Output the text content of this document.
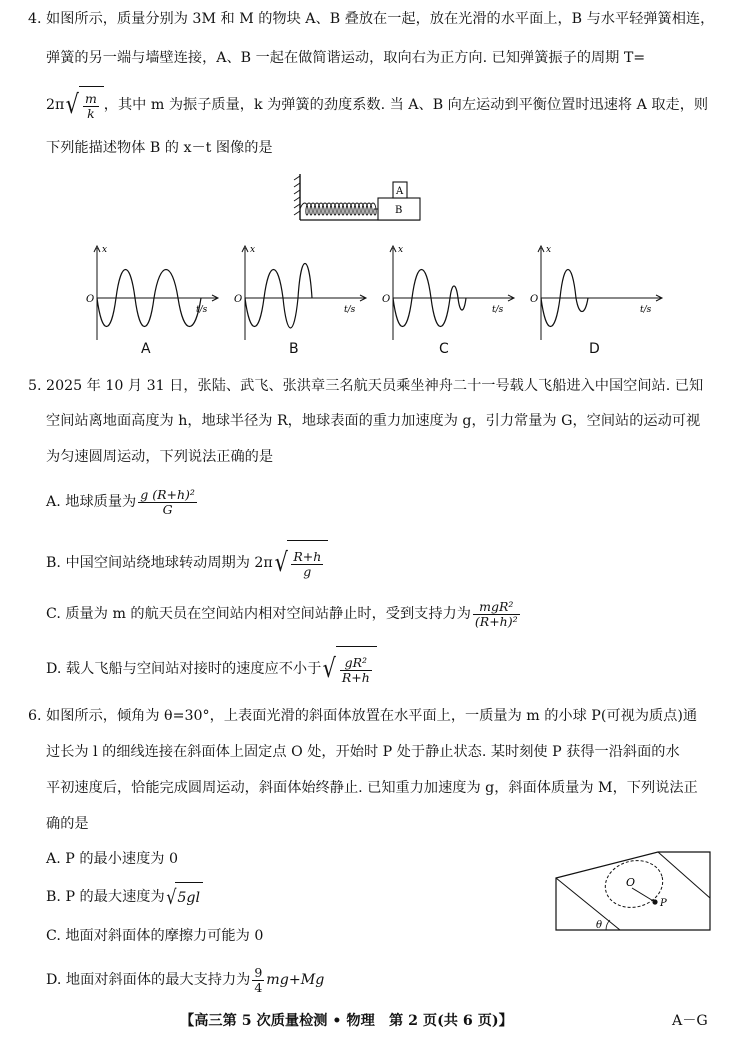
4. 如图所示，质量分别为 3M 和 M 的物块 A、B 叠放在一起，放在光滑的水平面上，B 与水平轻弹簧相连，
弹簧的另一端与墙壁连接，A、B 一起在做简谐运动，取向右为正方向. 已知弹簧振子的周期 T=
2π √ $\frac{m}{k}$ ，其中 m 为振子质量，k 为弹簧的劲度系数. 当 A、B 向左运动到平衡位置时迅速将 A 取走，则
下列能描述物体 B 的 x－t 图像的是
A
B
x
O
t/s
x
O
t/s
x
O
t/s
x
O
t/s
A	B	C	D
5. 2025 年 10 月 31 日，张陆、武飞、张洪章三名航天员乘坐神舟二十一号载人飞船进入中国空间站. 已知
空间站离地面高度为 h，地球半径为 R，地球表面的重力加速度为 g，引力常量为 G，空间站的运动可视
为匀速圆周运动，下列说法正确的是
A. 地球质量为 $\frac{\text{g (R+h)²}}{G}$
B. 中国空间站绕地球转动周期为 2π √ $\frac{R+h}{g}$
C. 质量为 m 的航天员在空间站内相对空间站静止时，受到支持力为 $\frac{\text{mgR²}}{\text{(R+h)²}}$
D. 载人飞船与空间站对接时的速度应不小于 √ $\frac{\text{gR²}}{R+h}$
6. 如图所示，倾角为 θ=30°，上表面光滑的斜面体放置在水平面上，一质量为 m 的小球 P(可视为质点)通
过长为 l 的细线连接在斜面体上固定点 O 处，开始时 P 处于静止状态. 某时刻使 P 获得一沿斜面的水
平初速度后，恰能完成圆周运动，斜面体始终静止. 已知重力加速度为 g，斜面体质量为 M，下列说法正
确的是
A. P 的最小速度为 0
B. P 的最大速度为 √ 5gl
C. 地面对斜面体的摩擦力可能为 0
D. 地面对斜面体的最大支持力为 $\frac{9}{4} mg+Mg$
O
P
θ
【高三第 5 次质量检测 • 物理　第 2 页(共 6 页)】	A－G
